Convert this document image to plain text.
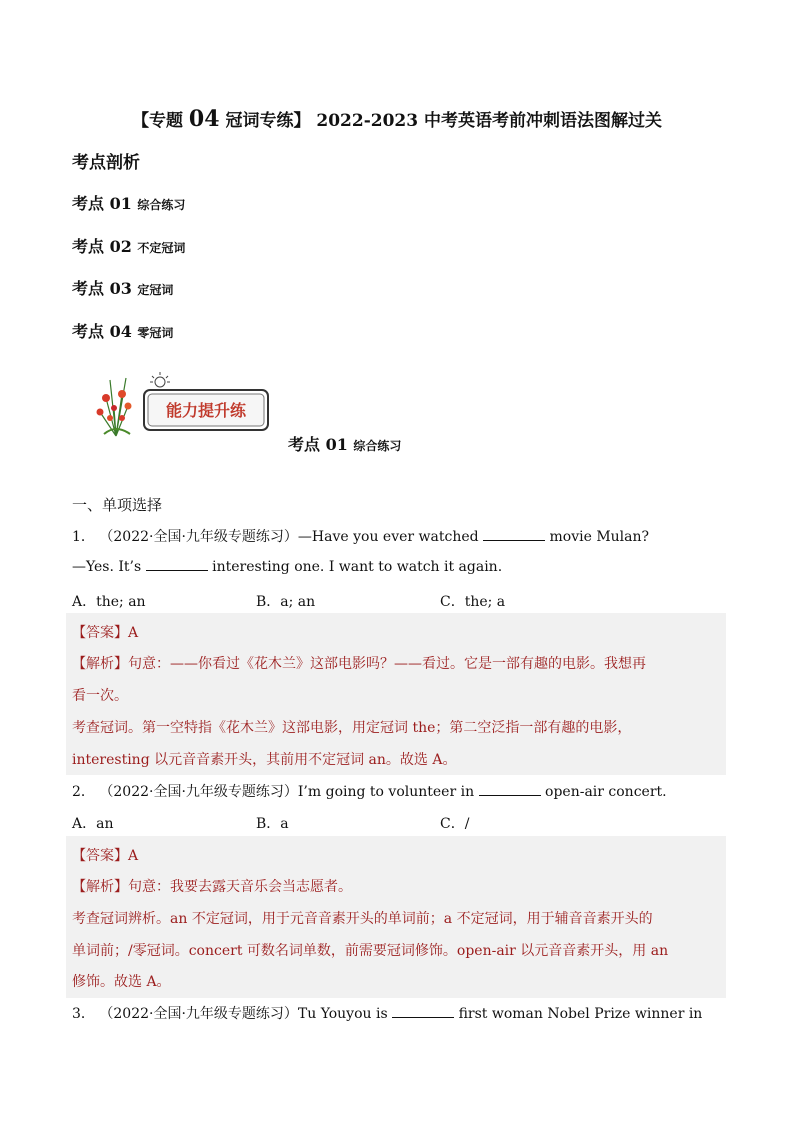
【专题 04 冠词专练】 2022-2023 中考英语考前冲刺语法图解过关
考点剖析
考点 01 综合练习
考点 02 不定冠词
考点 03 定冠词
考点 04 零冠词
能力提升练
考点 01 综合练习
一、单项选择
1． （2022·全国·九年级专题练习）—Have you ever watched	movie Mulan?
—Yes. It’s	interesting one. I want to watch it again.
A．the; an	B．a; an	C．the; a
【答案】A
【解析】句意：——你看过《花木兰》这部电影吗？——看过。它是一部有趣的电影。我想再
看一次。
考查冠词。第一空特指《花木兰》这部电影，用定冠词 the；第二空泛指一部有趣的电影，
interesting 以元音音素开头，其前用不定冠词 an。故选 A。
2． （2022·全国·九年级专题练习）I’m going to volunteer in	open-air concert.
A．an	B．a	C．/
【答案】A
【解析】句意：我要去露天音乐会当志愿者。
考查冠词辨析。an 不定冠词，用于元音音素开头的单词前；a 不定冠词，用于辅音音素开头的
单词前；/零冠词。concert 可数名词单数，前需要冠词修饰。open-air 以元音音素开头，用 an
修饰。故选 A。
3． （2022·全国·九年级专题练习）Tu Youyou is	first woman Nobel Prize winner in
